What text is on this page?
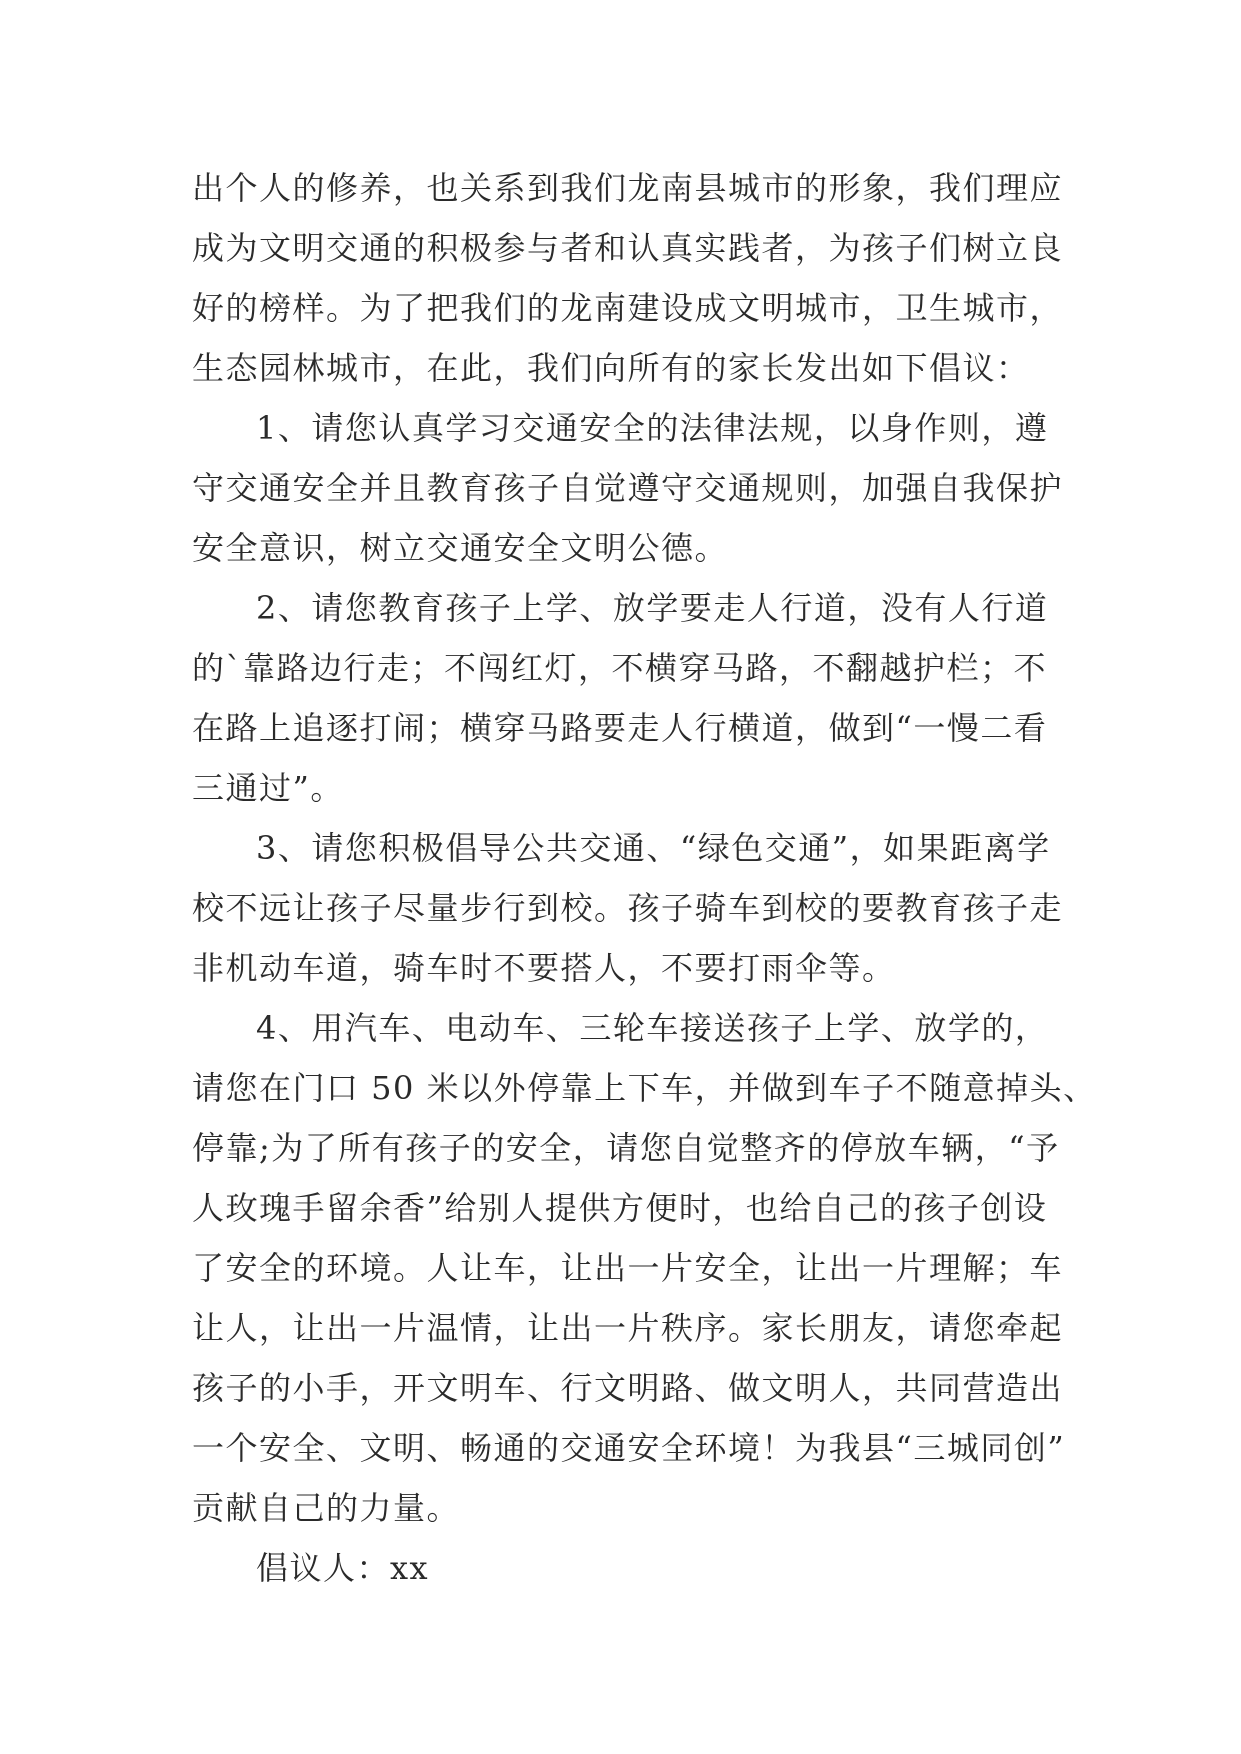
出个人的修养，也关系到我们龙南县城市的形象，我们理应
成为文明交通的积极参与者和认真实践者，为孩子们树立良
好的榜样。为了把我们的龙南建设成文明城市，卫生城市，
生态园林城市，在此，我们向所有的家长发出如下倡议：
1、请您认真学习交通安全的法律法规，以身作则，遵
守交通安全并且教育孩子自觉遵守交通规则，加强自我保护
安全意识，树立交通安全文明公德。
2、请您教育孩子上学、放学要走人行道，没有人行道
的`靠路边行走；不闯红灯，不横穿马路，不翻越护栏；不
在路上追逐打闹；横穿马路要走人行横道，做到“一慢二看
三通过”。
3、请您积极倡导公共交通、“绿色交通”，如果距离学
校不远让孩子尽量步行到校。孩子骑车到校的要教育孩子走
非机动车道，骑车时不要搭人，不要打雨伞等。
4、用汽车、电动车、三轮车接送孩子上学、放学的，
请您在门口 50 米以外停靠上下车，并做到车子不随意掉头、
停靠;为了所有孩子的安全，请您自觉整齐的停放车辆，“予
人玫瑰手留余香”给别人提供方便时，也给自己的孩子创设
了安全的环境。人让车，让出一片安全，让出一片理解；车
让人，让出一片温情，让出一片秩序。家长朋友，请您牵起
孩子的小手，开文明车、行文明路、做文明人，共同营造出
一个安全、文明、畅通的交通安全环境！为我县“三城同创”
贡献自己的力量。
倡议人：xx
